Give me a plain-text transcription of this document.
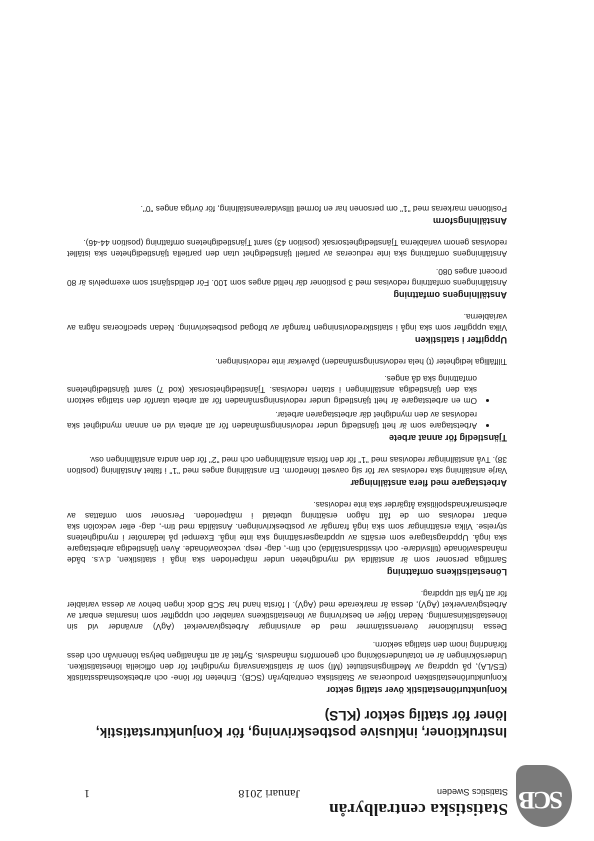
SCB
Statistiska centralbyrån
Statistics Sweden
Januari 2018
1
Instruktioner, inklusive postbeskrivning, för Konjunkturstatistik, löner för statlig sektor (KLS)
Konjunkturlönestatistik över statlig sektor

Konjunkturlönestatistiken produceras av Statistiska centralbyrån (SCB). Enheten för löne- och arbetskostnadsstatistik (ES/LA), på uppdrag av Medlingsinstitutet (MI) som är statistikansvarig myndighet för den officiella lönestatistiken. Undersökningen är en totalundersökning och genomförs månadsvis. Syftet är att månatligen belysa lönenivån och dess förändring inom den statliga sektorn.

Dessa instruktioner överensstämmer med de anvisningar Arbetsgivarverket (AgV) använder vid sin lönestatistikinsamling. Nedan följer en beskrivning av lönestatistikens variabler och uppgifter som insamlas enbart av Arbetsgivarverket (AgV), dessa är markerade med (AgV). I första hand har SCB dock ingen behov av dessa variabler för att fylla sitt uppdrag.

Lönestatistikens omfattning

Samtliga personer som är anställda vid myndigheten under mätperioden ska ingå i statistiken, d.v.s. både månadsavlönade (tillsvidare- och visstidsanställda) och tim-, dag- resp. veckoavlönade. Även tjänstlediga arbetstagare ska ingå. Uppdragstagare som ersätts av uppdragsersättning ska inte ingå. Exempel på ledamöter i myndighetens styrelse. Vilka ersättningar som ska ingå framgår av postbeskrivningen. Anställda med tim-, dag- eller veckolön ska enbart redovisas om de fått någon ersättning utbetald i mätperioden. Personer som omfattas av arbetsmarknadspolitiska åtgärder ska inte redovisas.

Arbetstagare med flera anställningar

Varje anställning ska redovisas var för sig oavsett lönetform. En anställning anges med "1" i fältet Anställning (position 38). Två anställningar redovisas med "1" för den första anställningen och med "2" för den andra anställningen osv.

Tjänstledig för annat arbete
• Arbetstagare som är helt tjänstledig under redovisningsmånaden för att arbeta vid en annan myndighet ska redovisas av den myndighet där arbetstagaren arbetar.
• Om en arbetstagare är helt tjänstledig under redovisningsmånaden för att arbeta utanför den statliga sektorn ska den tjänstlediga anställningen i staten redovisas. Tjänstledighetsorsak (kod 7) samt tjänstledighetens omfattning ska då anges.

Tillfälliga ledigheter (t) hela redovisningsmånaden) påverkar inte redovisningen.

Uppgifter i statistiken

Vilka uppgifter som ska ingå i statistikredovisningen framgår av bifogad postbeskrivning. Nedan specificeras några av variablerna.

Anställningens omfattning

Anställningens omfattning redovisas med 3 positioner där heltid anges som 100. För deltidstjänst som exempelvis är 80 procent anges 080.

Anställningens omfattning ska inte reduceras av partiell tjänstledighet utan den partiella tjänstledigheten ska istället redovisas genom variablerna Tjänstledighetsorsak (position 43) samt Tjänstledighetens omfattning (position 44-46).

Anställningsform

Positionen markeras med "1" om personen har en formell tillsvidareanställning, för övriga anges "0".
